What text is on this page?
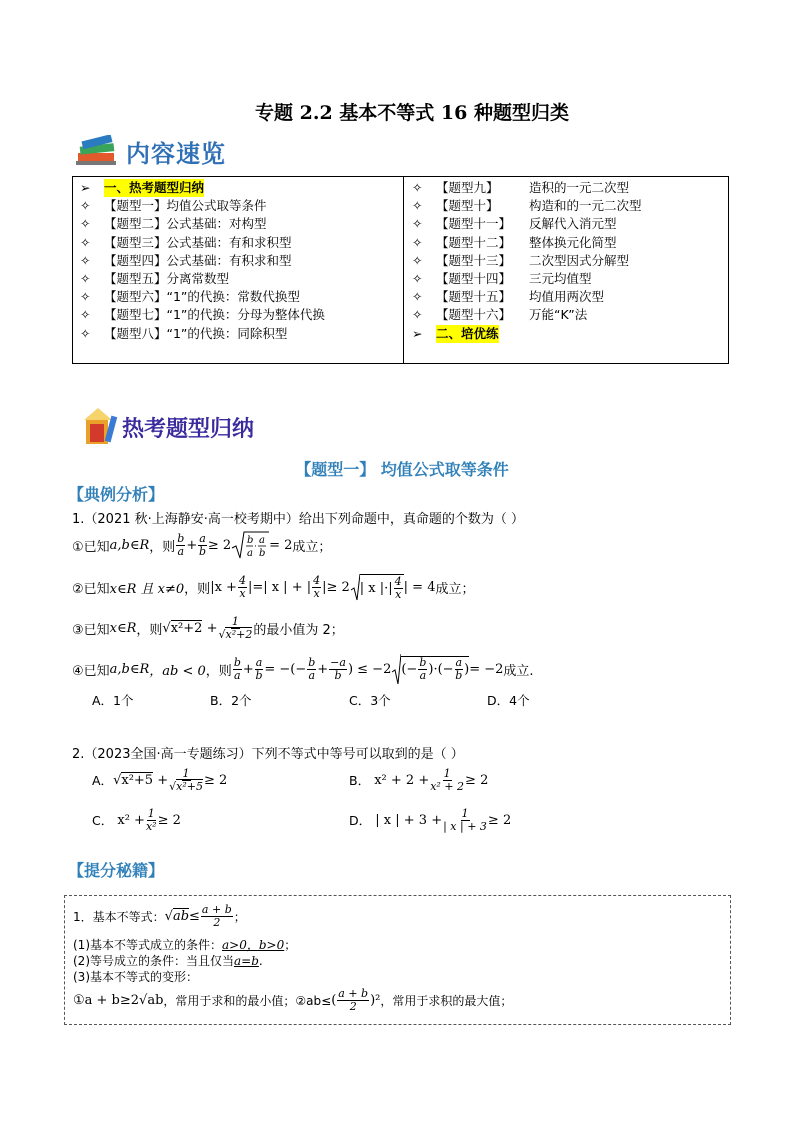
专题 2.2 基本不等式 16 种题型归类
内容速览
➢	一、热考题型归纳
✧	【题型一】均值公式取等条件
✧	【题型二】公式基础：对构型
✧	【题型三】公式基础：有和求积型
✧	【题型四】公式基础：有积求和型
✧	【题型五】分离常数型
✧	【题型六】“1”的代换：常数代换型
✧	【题型七】“1”的代换：分母为整体代换
✧	【题型八】“1”的代换：同除积型
✧	【题型九】	造积的一元二次型
✧	【题型十】	构造和的一元二次型
✧	【题型十一】	反解代入消元型
✧	【题型十二】	整体换元化简型
✧	【题型十三】	二次型因式分解型
✧	【题型十四】	三元均值型
✧	【题型十五】	均值用两次型
✧	【题型十六】	万能“K”法
➢	二、培优练
热考题型归纳
【题型一】 均值公式取等条件
【典例分析】
1.（2021 秋·上海静安·高一校考期中）给出下列命题中，真命题的个数为（ ）
①已知 a,b∈R ，则 $\frac{b}{a} + \frac{a}{b} \ge 2$ b
a
·
a
b
= 2 成立；
②已知 x∈R 且 x≠0 ，则 $|x + \frac{4}{x}$ |=| x | + | $\frac{4}{x}$ |≥ 2 | x |·| $\frac{4}{x}$ | = 4 成立；
③已知 x∈R ，则 $√x^2+2 + \frac{1}{\text{√x²+2}}$ 的最小值为 2；
④已知 a,b∈R ，ab < 0 ，则 $\frac{b}{a} + \frac{a}{b}$ = −(− $\frac{b}{a} + \frac{-a}{b}$ ) ≤ −2 (− $\frac{b}{a}$ )·(− $\frac{a}{b}$ ) = −2 成立.
A．1个	B．2个	C．3个	D．4个
2.（2023全国·高一专题练习）下列不等式中等号可以取到的是（ ）
A． $√x^2+5 + \frac{1}{\text{√x²+5}} \ge 2$	B． $x^2 + 2 + \frac{1}{\text{x² + 2}} \ge 2$
C． $x^2 + \frac{1}{\text{x²}} \ge 2$	D． | x | + $3 + \frac{1}{| x | + 3} \ge 2$
【提分秘籍】
1．基本不等式： $√ab\le \frac{a + b}{2}$ ；
(1)基本不等式成立的条件：a>0，b>0；
(2)等号成立的条件：当且仅当a=b.
(3)基本不等式的变形：
①a + b≥2√ab ，常用于求和的最小值；②ab≤ ( $\frac{a + b}{2} )^2$ ，常用于求积的最大值；
